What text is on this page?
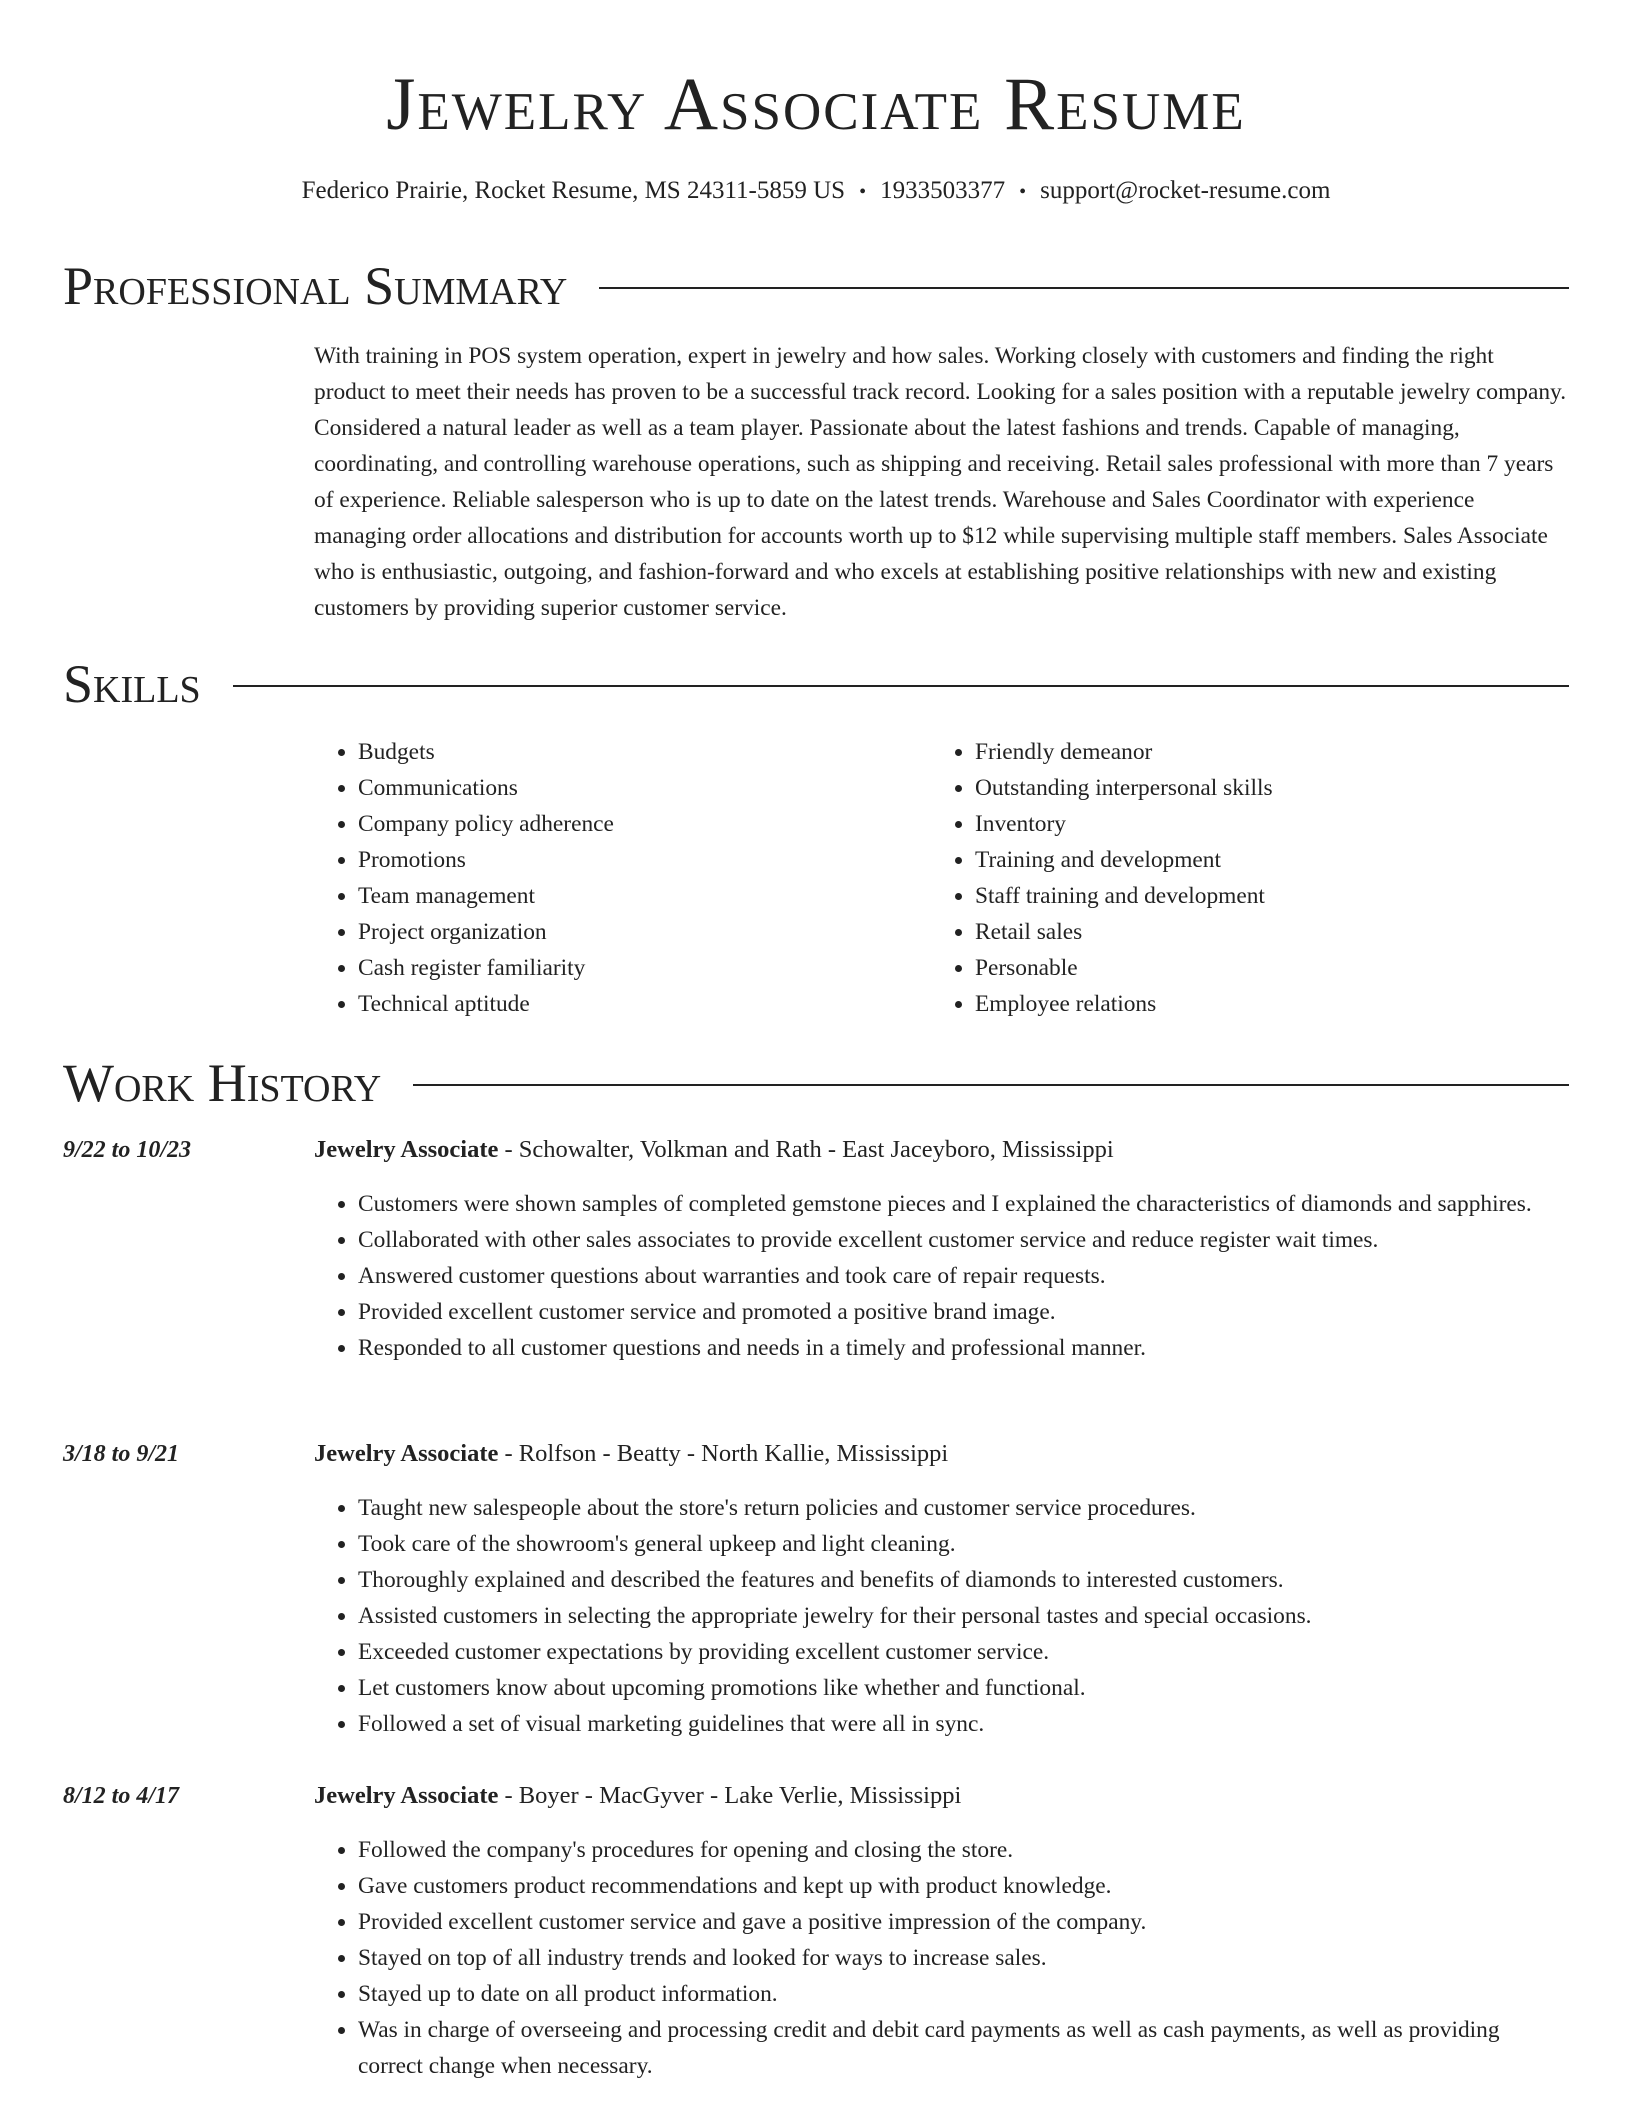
Jewelry Associate Resume
Federico Prairie, Rocket Resume, MS 24311-5859 US • 1933503377 • support@rocket-resume.com
Professional Summary

With training in POS system operation, expert in jewelry and how sales. Working closely with customers and finding the right product to meet their needs has proven to be a successful track record. Looking for a sales position with a reputable jewelry company. Considered a natural leader as well as a team player. Passionate about the latest fashions and trends. Capable of managing, coordinating, and controlling warehouse operations, such as shipping and receiving. Retail sales professional with more than 7 years of experience. Reliable salesperson who is up to date on the latest trends. Warehouse and Sales Coordinator with experience managing order allocations and distribution for accounts worth up to $12 while supervising multiple staff members. Sales Associate who is enthusiastic, outgoing, and fashion-forward and who excels at establishing positive relationships with new and existing customers by providing superior customer service.

Skills
• Budgets
• Communications
• Company policy adherence
• Promotions
• Team management
• Project organization
• Cash register familiarity
• Technical aptitude
• Friendly demeanor
• Outstanding interpersonal skills
• Inventory
• Training and development
• Staff training and development
• Retail sales
• Personable
• Employee relations
Work History
9/22 to 10/23	Jewelry Associate - Schowalter, Volkman and Rath - East Jaceyboro, Mississippi
• Customers were shown samples of completed gemstone pieces and I explained the characteristics of diamonds and sapphires.
• Collaborated with other sales associates to provide excellent customer service and reduce register wait times.
• Answered customer questions about warranties and took care of repair requests.
• Provided excellent customer service and promoted a positive brand image.
• Responded to all customer questions and needs in a timely and professional manner.
3/18 to 9/21	Jewelry Associate - Rolfson - Beatty - North Kallie, Mississippi
• Taught new salespeople about the store's return policies and customer service procedures.
• Took care of the showroom's general upkeep and light cleaning.
• Thoroughly explained and described the features and benefits of diamonds to interested customers.
• Assisted customers in selecting the appropriate jewelry for their personal tastes and special occasions.
• Exceeded customer expectations by providing excellent customer service.
• Let customers know about upcoming promotions like whether and functional.
• Followed a set of visual marketing guidelines that were all in sync.
8/12 to 4/17	Jewelry Associate - Boyer - MacGyver - Lake Verlie, Mississippi
• Followed the company's procedures for opening and closing the store.
• Gave customers product recommendations and kept up with product knowledge.
• Provided excellent customer service and gave a positive impression of the company.
• Stayed on top of all industry trends and looked for ways to increase sales.
• Stayed up to date on all product information.
• Was in charge of overseeing and processing credit and debit card payments as well as cash payments, as well as providing correct change when necessary.
